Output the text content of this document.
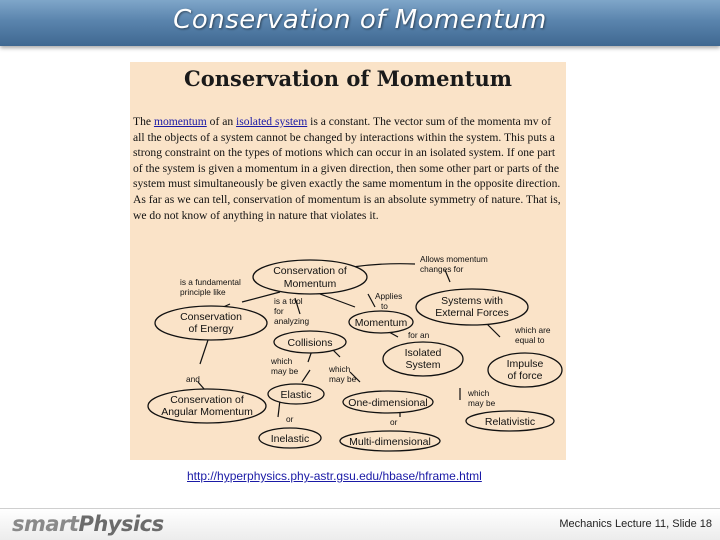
Conservation of Momentum
Conservation of Momentum
The momentum of an isolated system is a constant. The vector sum of the momenta mv of all the objects of a system cannot be changed by interactions within the system. This puts a strong constraint on the types of motions which can occur in an isolated system. If one part of the system is given a momentum in a given direction, then some other part or parts of the system must simultaneously be given exactly the same momentum in the opposite direction. As far as we can tell, conservation of momentum is an absolute symmetry of nature. That is, we do not know of anything in nature that violates it.
Conservation of
Momentum
Conservation
of Energy
Systems with
External Forces
Momentum
Collisions
Isolated
System	Impulse
of force
Conservation of
Angular Momentum
Elastic
One-dimensional
Relativistic
Inelastic	Multi-dimensional
is a fundamental
principle like
Allows momentum
changes for
is a tool
for
analyzing
Applies
to
for an	which are
equal to
and
which
may be	which
may be
which
may be
or	or
http://hyperphysics.phy-astr.gsu.edu/hbase/hframe.html
smartPhysics	Mechanics Lecture 11, Slide 18
